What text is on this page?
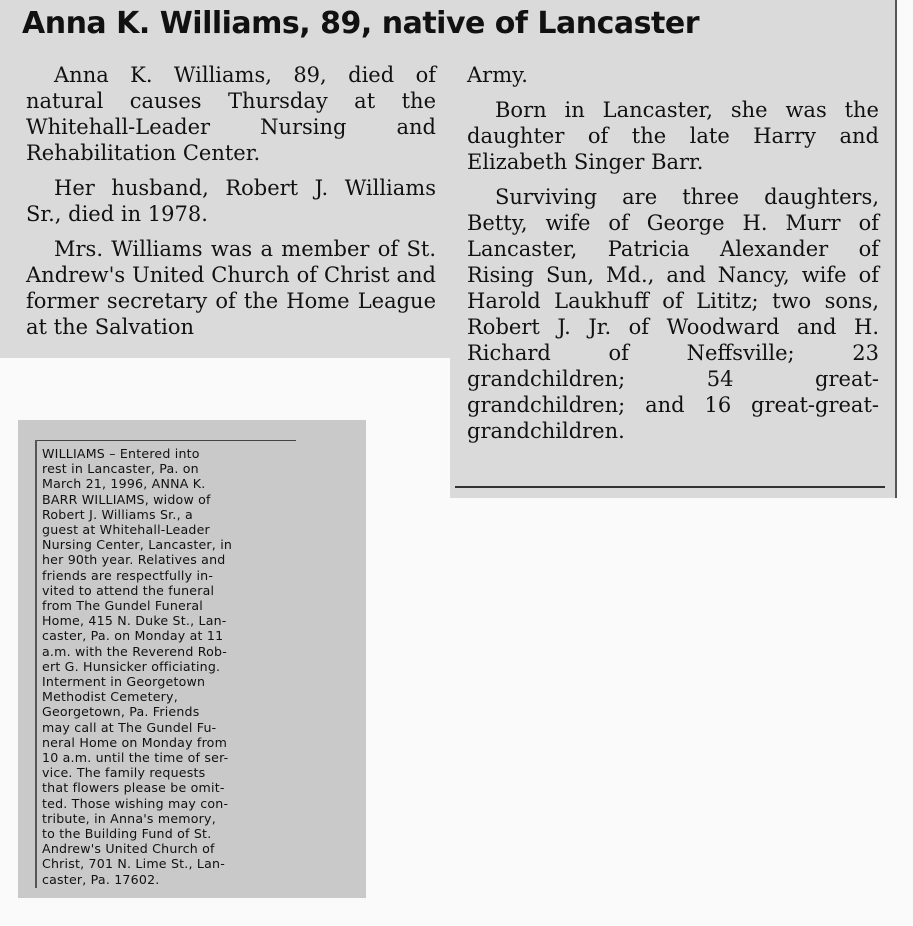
Anna K. Williams, 89, native of Lancaster

Anna K. Williams, 89, died of natural causes Thursday at the Whitehall-Leader Nursing and Rehabilitation Center.

Her husband, Robert J. Williams Sr., died in 1978.

Mrs. Williams was a member of St. Andrew's United Church of Christ and former secretary of the Home League at the Salvation

Army.

Born in Lancaster, she was the daughter of the late Harry and Elizabeth Singer Barr.

Surviving are three daughters, Betty, wife of George H. Murr of Lancaster, Patricia Alexander of Rising Sun, Md., and Nancy, wife of Harold Laukhuff of Lititz; two sons, Robert J. Jr. of Woodward and H. Richard of Neffsville; 23 grandchildren; 54 great-grandchildren; and 16 great-great-grandchildren.

WILLIAMS – Entered into
rest in Lancaster, Pa. on
March 21, 1996, ANNA K.
BARR WILLIAMS, widow of
Robert J. Williams Sr., a
guest at Whitehall-Leader
Nursing Center, Lancaster, in
her 90th year. Relatives and
friends are respectfully in-
vited to attend the funeral
from The Gundel Funeral
Home, 415 N. Duke St., Lan-
caster, Pa. on Monday at 11
a.m. with the Reverend Rob-
ert G. Hunsicker officiating.
Interment in Georgetown
Methodist Cemetery,
Georgetown, Pa. Friends
may call at The Gundel Fu-
neral Home on Monday from
10 a.m. until the time of ser-
vice. The family requests
that flowers please be omit-
ted. Those wishing may con-
tribute, in Anna's memory,
to the Building Fund of St.
Andrew's United Church of
Christ, 701 N. Lime St., Lan-
caster, Pa. 17602.
